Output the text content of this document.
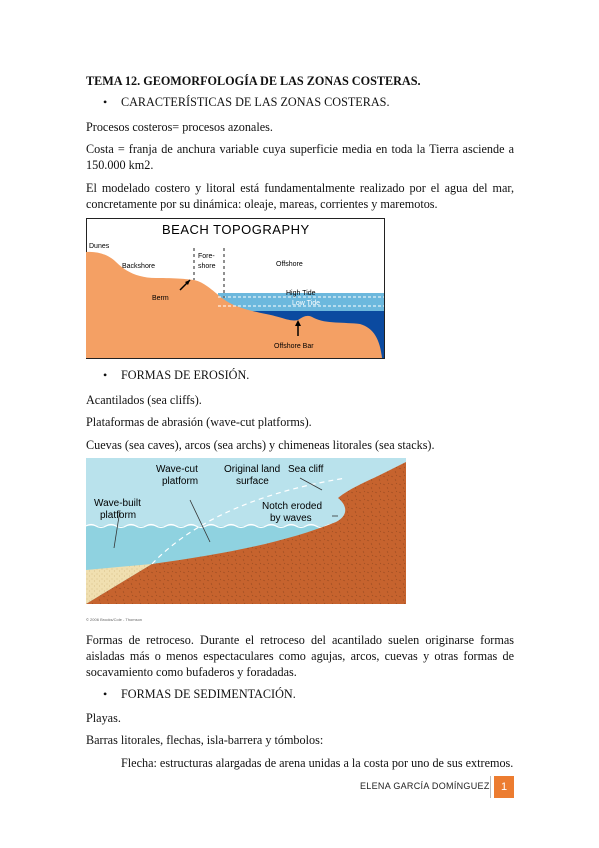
TEMA 12. GEOMORFOLOGÍA DE LAS ZONAS COSTERAS.
• CARACTERÍSTICAS DE LAS ZONAS COSTERAS.
Procesos costeros= procesos azonales.
Costa = franja de anchura variable cuya superficie media en toda la Tierra asciende a 150.000 km2.
El modelado costero y litoral está fundamentalmente realizado por el agua del mar, concretamente por su dinámica: oleaje, mareas, corrientes y maremotos.
BEACH TOPOGRAPHY
Dunes
Backshore
Fore-
shore	Offshore
Berm
High Tide
Low Tide
Offshore Bar
• FORMAS DE EROSIÓN.
Acantilados (sea cliffs).
Plataformas de abrasión (wave-cut platforms).
Cuevas (sea caves), arcos (sea archs) y chimeneas litorales (sea stacks).
Wave-cut
platform
Original land
surface
Sea cliff
Wave-built
platform
Notch eroded
by waves
© 2006 Brooks/Cole - Thomson
Formas de retroceso. Durante el retroceso del acantilado suelen originarse formas aisladas más o menos espectaculares como agujas, arcos, cuevas y otras formas de socavamiento como bufaderos y foradadas.
• FORMAS DE SEDIMENTACIÓN.
Playas.
Barras litorales, flechas, isla-barrera y tómbolos:
Flecha: estructuras alargadas de arena unidas a la costa por uno de sus extremos.
ELENA GARCÍA DOMÍNGUEZ	1
